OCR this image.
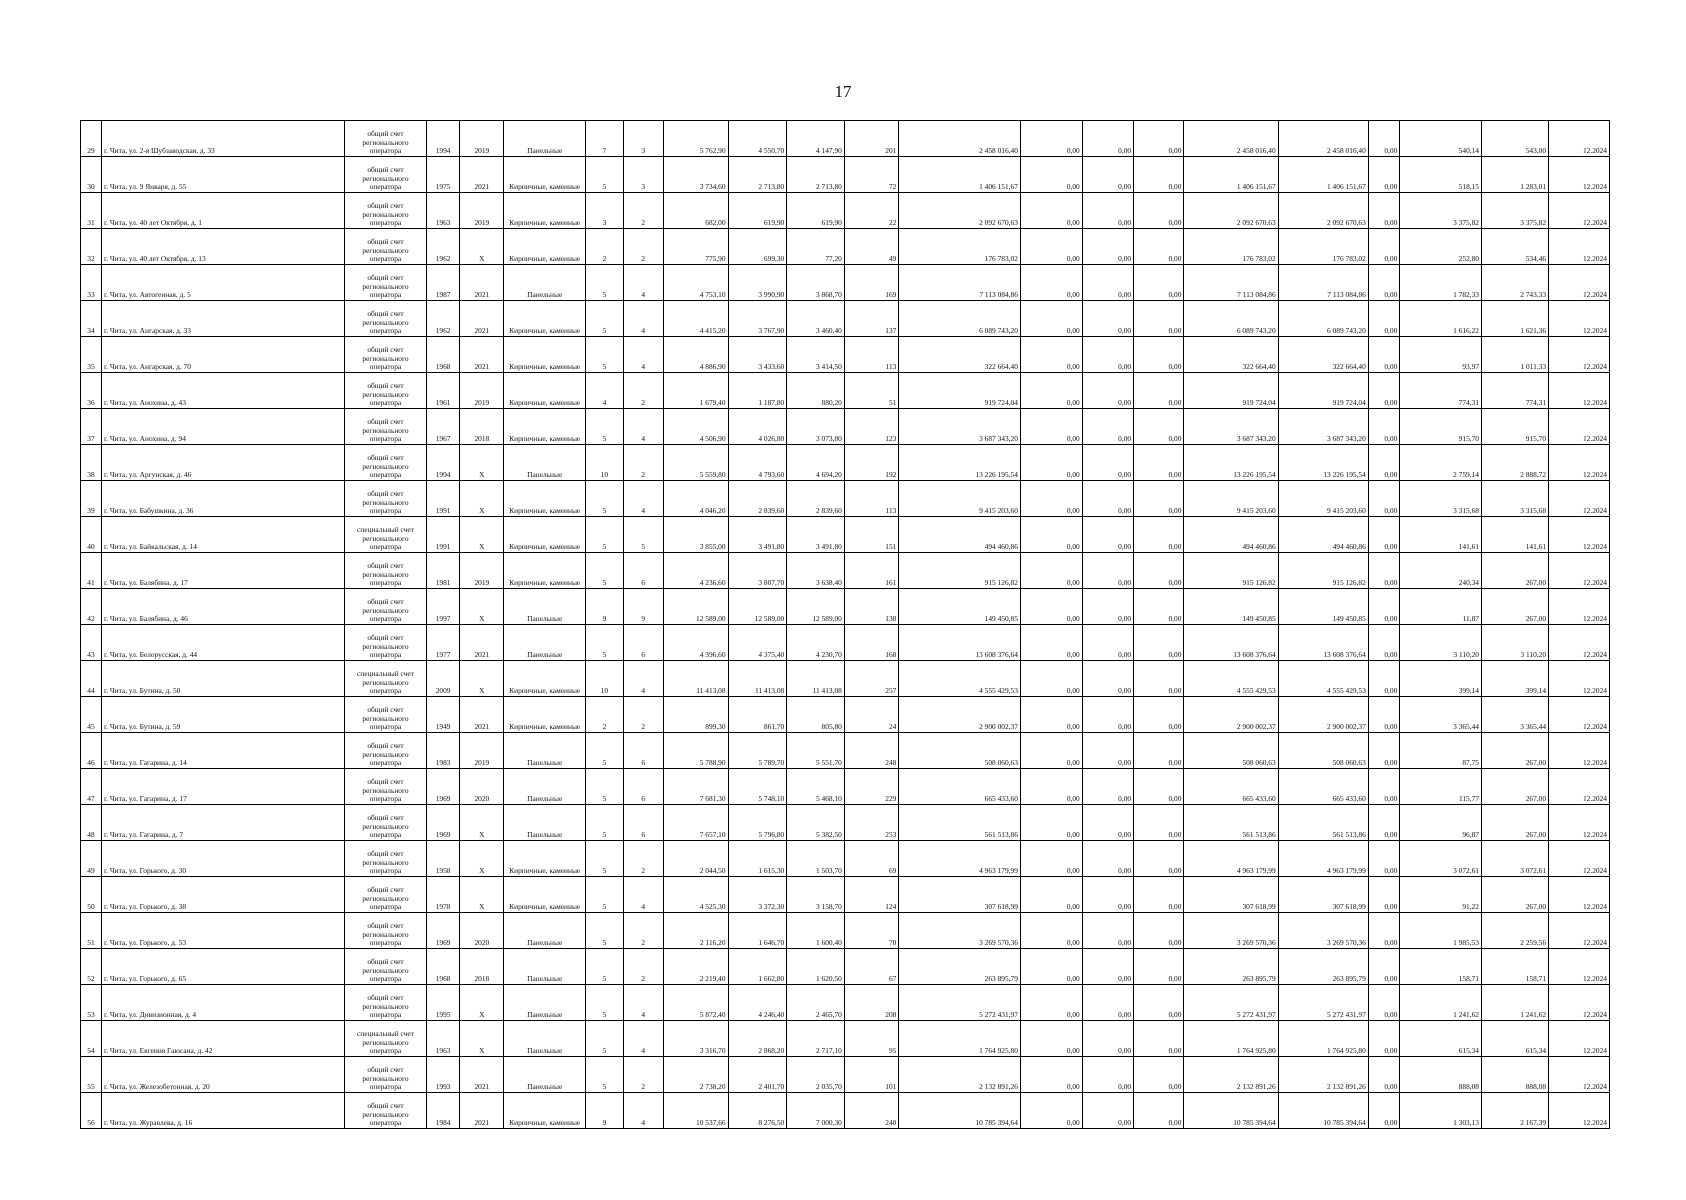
17
29	г. Чита, ул. 2-я Шубзаводская, д. 33	общий счет регионального оператора	1994	2019	Панельные	7	3	5 762,90	4 550,70	4 147,90	201	2 458 016,40	0,00	0,00	0,00	2 458 016,40	2 458 016,40	0,00	540,14	543,00	12.2024
30	г. Чита, ул. 9 Января, д. 55	общий счет регионального оператора	1975	2021	Кирпичные, каменные	5	3	3 734,60	2 713,80	2 713,80	72	1 406 151,67	0,00	0,00	0,00	1 406 151,67	1 406 151,67	0,00	518,15	1 283,01	12.2024
31	г. Чита, ул. 40 лет Октября, д. 1	общий счет регионального оператора	1963	2019	Кирпичные, каменные	3	2	682,00	619,90	619,90	22	2 092 670,63	0,00	0,00	0,00	2 092 670,63	2 092 670,63	0,00	3 375,82	3 375,82	12.2024
32	г. Чита, ул. 40 лет Октября, д. 13	общий счет регионального оператора	1962	Х	Кирпичные, каменные	2	2	775,90	699,30	77,20	49	176 783,02	0,00	0,00	0,00	176 783,02	176 783,02	0,00	252,80	534,46	12.2024
33	г. Чита, ул. Автогенная, д. 5	общий счет регионального оператора	1987	2021	Панельные	5	4	4 753,10	3 990,90	3 868,70	169	7 113 084,86	0,00	0,00	0,00	7 113 084,86	7 113 084,86	0,00	1 782,33	2 743,33	12.2024
34	г. Чита, ул. Ангарская, д. 33	общий счет регионального оператора	1962	2021	Кирпичные, каменные	5	4	4 415,20	3 767,90	3 460,40	137	6 089 743,20	0,00	0,00	0,00	6 089 743,20	6 089 743,20	0,00	1 616,22	1 621,36	12.2024
35	г. Чита, ул. Ангарская, д. 70	общий счет регионального оператора	1968	2021	Кирпичные, каменные	5	4	4 886,90	3 433,60	3 414,50	113	322 664,40	0,00	0,00	0,00	322 664,40	322 664,40	0,00	93,97	1 011,33	12.2024
36	г. Чита, ул. Анохина, д. 43	общий счет регионального оператора	1961	2019	Кирпичные, каменные	4	2	1 679,40	1 187,80	880,20	51	919 724,04	0,00	0,00	0,00	919 724,04	919 724,04	0,00	774,31	774,31	12.2024
37	г. Чита, ул. Анохина, д. 94	общий счет регионального оператора	1967	2018	Кирпичные, каменные	5	4	4 506,90	4 026,80	3 073,80	123	3 687 343,20	0,00	0,00	0,00	3 687 343,20	3 687 343,20	0,00	915,70	915,70	12.2024
38	г. Чита, ул. Аргунская, д. 46	общий счет регионального оператора	1994	Х	Панельные	10	2	5 559,80	4 793,60	4 694,20	192	13 226 195,54	0,00	0,00	0,00	13 226 195,54	13 226 195,54	0,00	2 759,14	2 888,72	12.2024
39	г. Чита, ул. Бабушкина, д. 36	общий счет регионального оператора	1991	Х	Кирпичные, каменные	5	4	4 046,20	2 839,60	2 839,60	113	9 415 203,60	0,00	0,00	0,00	9 415 203,60	9 415 203,60	0,00	3 315,68	3 315,68	12.2024
40	г. Чита, ул. Байкальская, д. 14	специальный счет регионального оператора	1991	Х	Кирпичные, каменные	5	5	3 855,00	3 491,80	3 491,80	151	494 460,86	0,00	0,00	0,00	494 460,86	494 460,86	0,00	141,61	141,61	12.2024
41	г. Чита, ул. Балябина, д. 17	общий счет регионального оператора	1981	2019	Кирпичные, каменные	5	6	4 236,60	3 807,70	3 638,40	161	915 126,82	0,00	0,00	0,00	915 126,82	915 126,82	0,00	240,34	267,00	12.2024
42	г. Чита, ул. Балябина, д. 46	общий счет регионального оператора	1997	Х	Панельные	9	9	12 589,00	12 589,00	12 589,00	138	149 450,85	0,00	0,00	0,00	149 450,85	149 450,85	0,00	11,87	267,00	12.2024
43	г. Чита, ул. Белорусская, д. 44	общий счет регионального оператора	1977	2021	Панельные	5	6	4 396,60	4 375,40	4 230,70	168	13 608 376,64	0,00	0,00	0,00	13 608 376,64	13 608 376,64	0,00	3 110,20	3 110,20	12.2024
44	г. Чита, ул. Бутина, д. 50	специальный счет регионального оператора	2009	Х	Кирпичные, каменные	10	4	11 413,08	11 413,08	11 413,08	257	4 555 429,53	0,00	0,00	0,00	4 555 429,53	4 555 429,53	0,00	399,14	399,14	12.2024
45	г. Чита, ул. Бутина, д. 59	общий счет регионального оператора	1949	2021	Кирпичные, каменные	2	2	899,30	861,70	805,80	24	2 900 002,37	0,00	0,00	0,00	2 900 002,37	2 900 002,37	0,00	3 365,44	3 365,44	12.2024
46	г. Чита, ул. Гагарина, д. 14	общий счет регионального оператора	1983	2019	Панельные	5	6	5 788,90	5 789,70	5 551,70	248	508 060,63	0,00	0,00	0,00	508 060,63	508 060,63	0,00	87,75	267,00	12.2024
47	г. Чита, ул. Гагарина, д. 17	общий счет регионального оператора	1969	2020	Панельные	5	6	7 681,30	5 748,10	5 468,10	229	665 433,60	0,00	0,00	0,00	665 433,60	665 433,60	0,00	115,77	267,00	12.2024
48	г. Чита, ул. Гагарина, д. 7	общий счет регионального оператора	1969	Х	Панельные	5	6	7 657,10	5 796,80	5 382,50	253	561 513,86	0,00	0,00	0,00	561 513,86	561 513,86	0,00	96,87	267,00	12.2024
49	г. Чита, ул. Горького, д. 30	общий счет регионального оператора	1958	Х	Кирпичные, каменные	5	2	2 044,50	1 615,30	1 503,70	69	4 963 179,99	0,00	0,00	0,00	4 963 179,99	4 963 179,99	0,00	3 072,61	3 072,61	12.2024
50	г. Чита, ул. Горького, д. 38	общий счет регионального оператора	1978	Х	Кирпичные, каменные	5	4	4 525,30	3 372,30	3 158,70	124	307 618,99	0,00	0,00	0,00	307 618,99	307 618,99	0,00	91,22	267,00	12.2024
51	г. Чита, ул. Горького, д. 53	общий счет регионального оператора	1969	2020	Панельные	5	2	2 116,20	1 646,70	1 600,40	70	3 269 570,36	0,00	0,00	0,00	3 269 570,36	3 269 570,36	0,00	1 985,53	2 259,56	12.2024
52	г. Чита, ул. Горького, д. 65	общий счет регионального оператора	1968	2018	Панельные	5	2	2 219,40	1 662,80	1 620,50	67	263 895,79	0,00	0,00	0,00	263 895,79	263 895,79	0,00	158,71	158,71	12.2024
53	г. Чита, ул. Дивизионная, д. 4	общий счет регионального оператора	1995	Х	Панельные	5	4	5 872,40	4 246,40	2 465,70	208	5 272 431,97	0,00	0,00	0,00	5 272 431,97	5 272 431,97	0,00	1 241,62	1 241,62	12.2024
54	г. Чита, ул. Евгения Гаюсана, д. 42	специальный счет регионального оператора	1963	Х	Панельные	5	4	3 316,70	2 868,20	2 717,10	95	1 764 925,80	0,00	0,00	0,00	1 764 925,80	1 764 925,80	0,00	615,34	615,34	12.2024
55	г. Чита, ул. Железобетонная, д. 20	общий счет регионального оператора	1993	2021	Панельные	5	2	2 738,20	2 401,70	2 035,70	101	2 132 891,26	0,00	0,00	0,00	2 132 891,26	2 132 891,26	0,00	888,08	888,08	12.2024
56	г. Чита, ул. Журавлева, д. 16	общий счет регионального оператора	1984	2021	Кирпичные, каменные	9	4	10 537,66	8 276,50	7 000,30	240	10 785 394,64	0,00	0,00	0,00	10 785 394,64	10 785 394,64	0,00	1 303,13	2 167,39	12.2024
